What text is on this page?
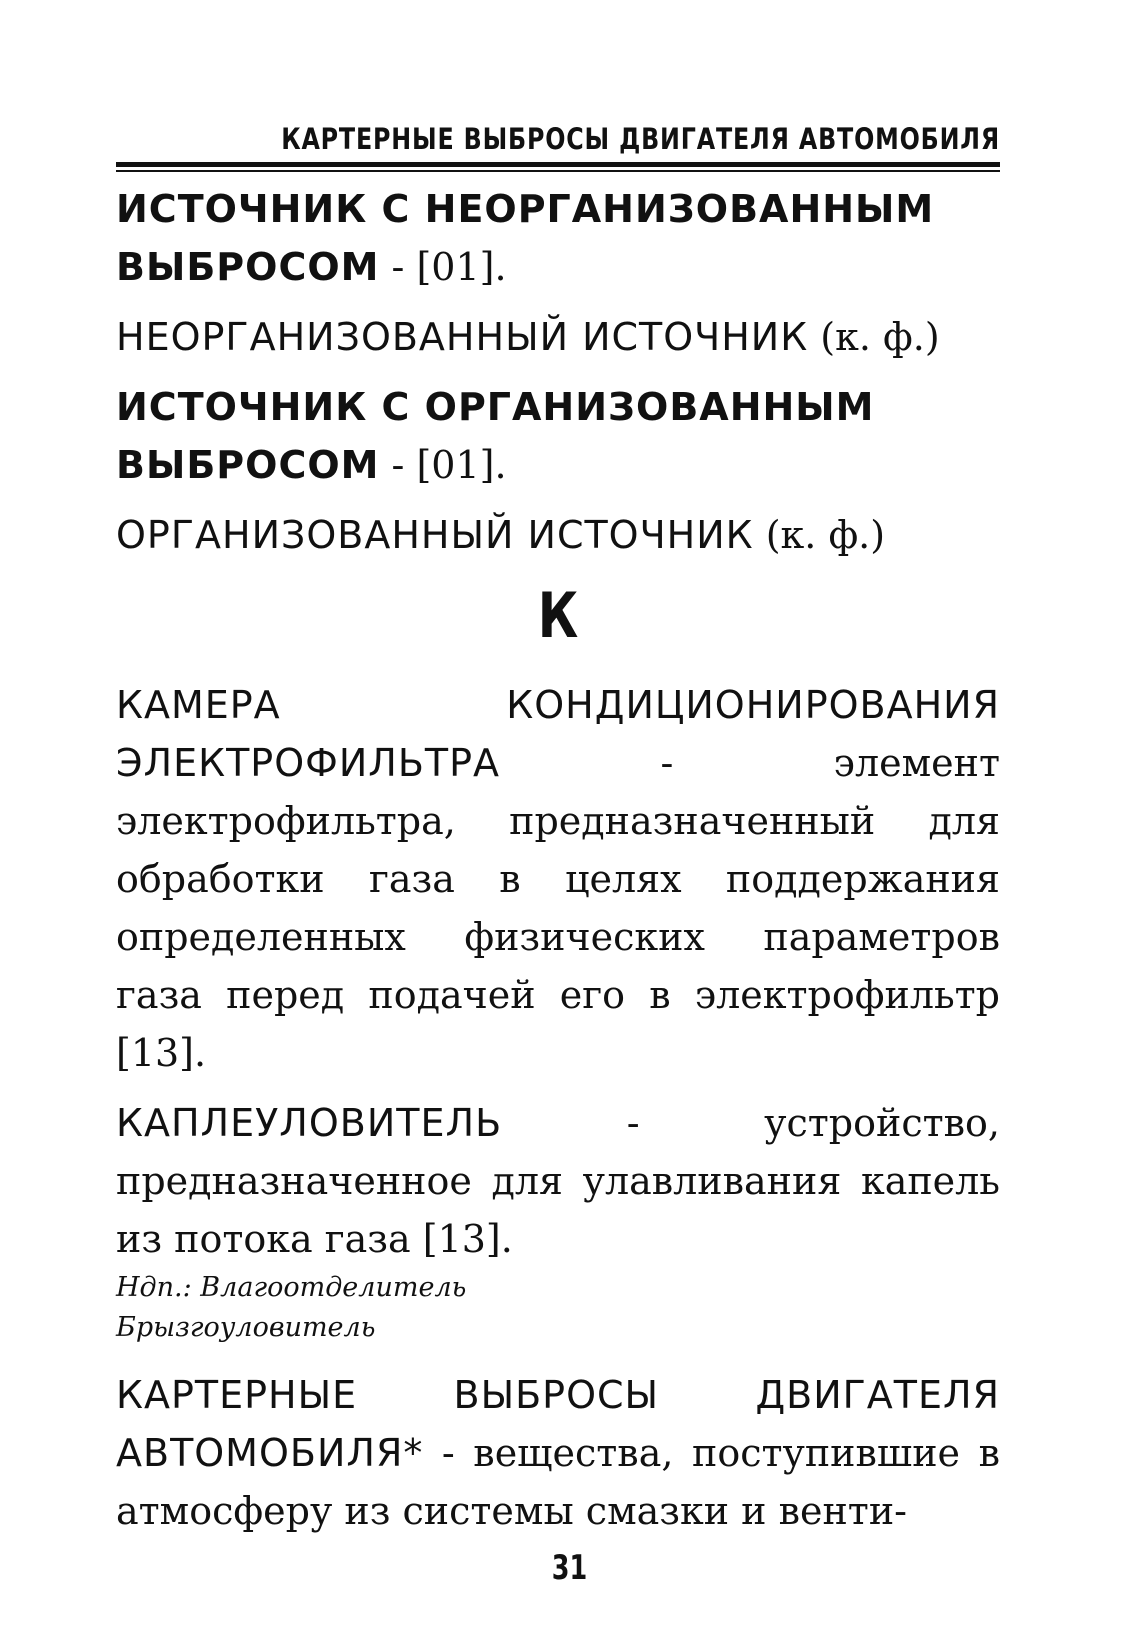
КАРТЕРНЫЕ ВЫБРОСЫ ДВИГАТЕЛЯ АВТОМОБИЛЯ

ИСТОЧНИК С НЕОРГАНИЗОВАННЫМ ВЫБРОСОМ - [01].

НЕОРГАНИЗОВАННЫЙ ИСТОЧНИК (к. ф.)

ИСТОЧНИК С ОРГАНИЗОВАННЫМ ВЫБРОСОМ - [01].

ОРГАНИЗОВАННЫЙ ИСТОЧНИК (к. ф.)

К

КАМЕРА КОНДИЦИОНИРОВАНИЯ ЭЛЕКТРОФИЛЬТРА - элемент электрофильтра, предназначенный для обработки газа в целях поддержания определенных физических параметров газа перед подачей его в электрофильтр [13].

КАПЛЕУЛОВИТЕЛЬ - устройство, предназначенное для улавливания капель из потока газа [13].

Ндп.: Влагоотделитель
Брызгоуловитель

КАРТЕРНЫЕ ВЫБРОСЫ ДВИГАТЕЛЯ АВТОМОБИЛЯ* - вещества, поступившие в атмосферу из системы смазки и венти-

31
